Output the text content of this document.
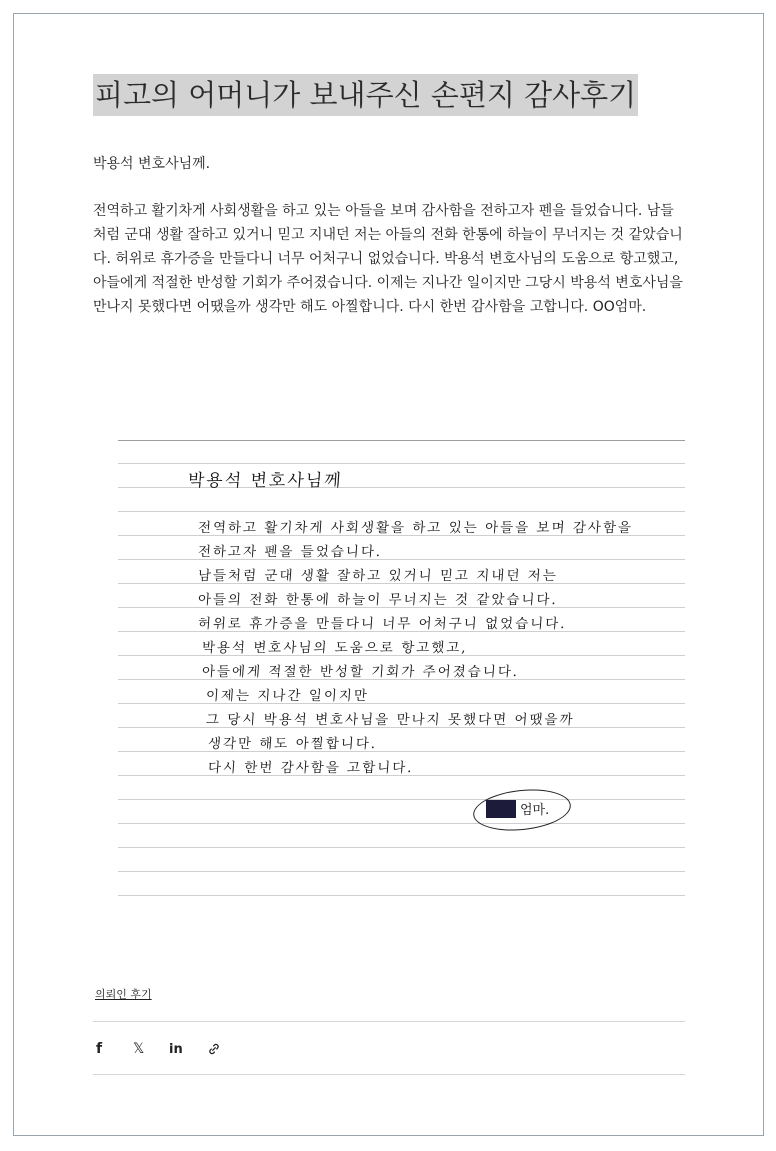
피고의 어머니가 보내주신 손편지 감사후기
박용석 변호사님께.
전역하고 활기차게 사회생활을 하고 있는 아들을 보며 감사함을 전하고자 펜을 들었습니다. 남들처럼 군대 생활 잘하고 있거니 믿고 지내던 저는 아들의 전화 한통에 하늘이 무너지는 것 같았습니다. 허위로 휴가증을 만들다니 너무 어처구니 없었습니다. 박용석 변호사님의 도움으로 항고했고, 아들에게 적절한 반성할 기회가 주어졌습니다. 이제는 지나간 일이지만 그당시 박용석 변호사님을 만나지 못했다면 어땠을까 생각만 해도 아찔합니다. 다시 한번 감사함을 고합니다. OO엄마.
박용석 변호사님께
전역하고 활기차게 사회생활을 하고 있는 아들을 보며 감사함을
전하고자 펜을 들었습니다.
남들처럼 군대 생활 잘하고 있거니 믿고 지내던 저는
아들의 전화 한통에 하늘이 무너지는 것 같았습니다.
허위로 휴가증을 만들다니 너무 어처구니 없었습니다.
박용석 변호사님의 도움으로 항고했고,
아들에게 적절한 반성할 기회가 주어졌습니다.
이제는 지나간 일이지만
그 당시 박용석 변호사님을 만나지 못했다면 어땠을까
생각만 해도 아찔합니다.
다시 한번 감사함을 고합니다.
엄마.
의뢰인 후기
f 𝕏 in
